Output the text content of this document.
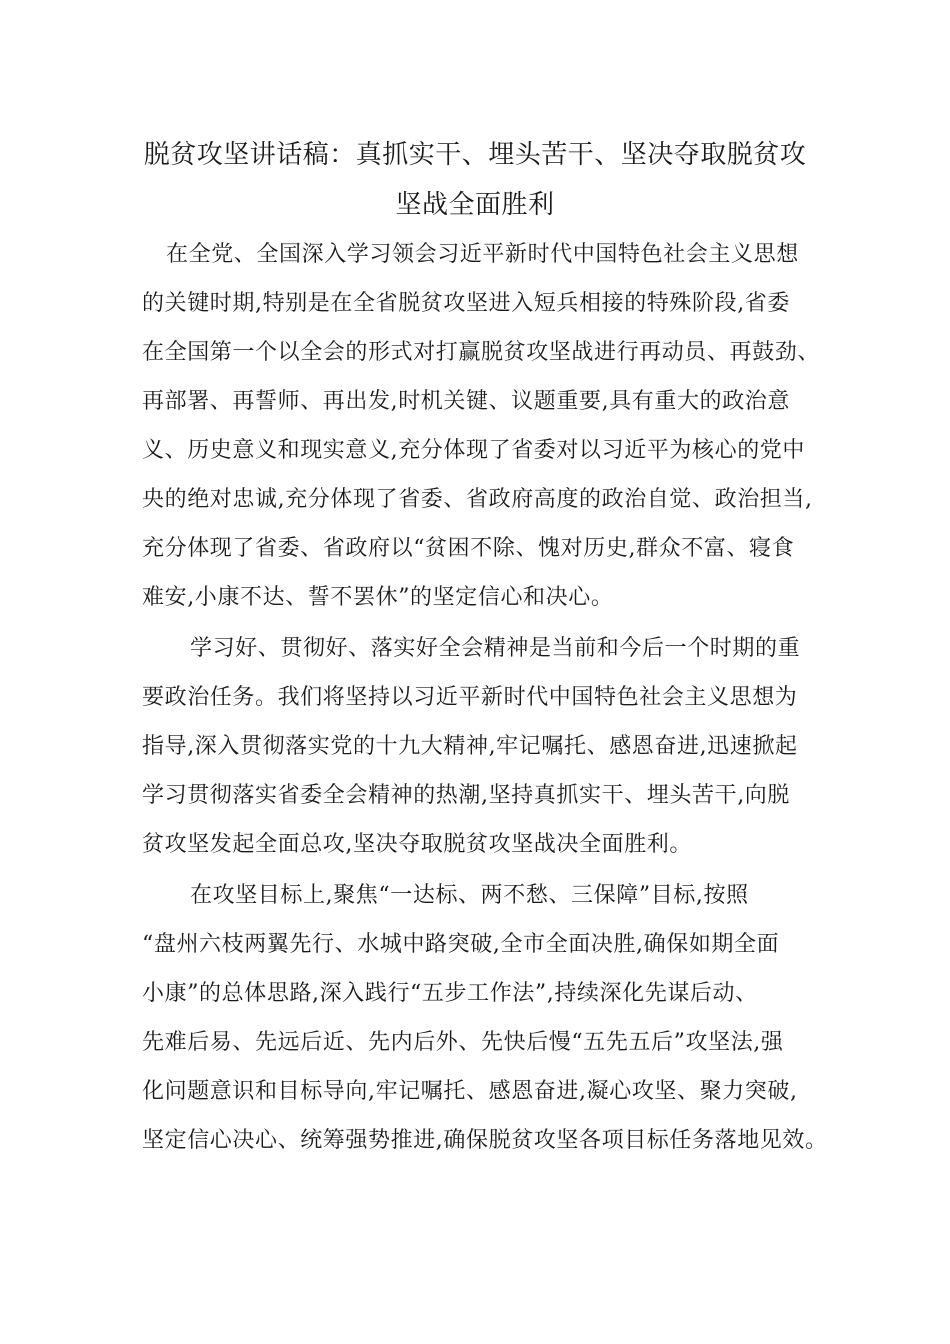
脱贫攻坚讲话稿：真抓实干、埋头苦干、坚决夺取脱贫攻
坚战全面胜利
在全党、全国深入学习领会习近平新时代中国特色社会主义思想
的关键时期,特别是在全省脱贫攻坚进入短兵相接的特殊阶段,省委
在全国第一个以全会的形式对打赢脱贫攻坚战进行再动员、再鼓劲、
再部署、再誓师、再出发,时机关键、议题重要,具有重大的政治意
义、历史意义和现实意义,充分体现了省委对以习近平为核心的党中
央的绝对忠诚,充分体现了省委、省政府高度的政治自觉、政治担当,
充分体现了省委、省政府以“贫困不除、愧对历史,群众不富、寝食
难安,小康不达、誓不罢休”的坚定信心和决心。
学习好、贯彻好、落实好全会精神是当前和今后一个时期的重
要政治任务。我们将坚持以习近平新时代中国特色社会主义思想为
指导,深入贯彻落实党的十九大精神,牢记嘱托、感恩奋进,迅速掀起
学习贯彻落实省委全会精神的热潮,坚持真抓实干、埋头苦干,向脱
贫攻坚发起全面总攻,坚决夺取脱贫攻坚战决全面胜利。
在攻坚目标上,聚焦“一达标、两不愁、三保障”目标,按照
“盘州六枝两翼先行、水城中路突破,全市全面决胜,确保如期全面
小康”的总体思路,深入践行“五步工作法”,持续深化先谋后动、
先难后易、先远后近、先内后外、先快后慢“五先五后”攻坚法,强
化问题意识和目标导向,牢记嘱托、感恩奋进,凝心攻坚、聚力突破,
坚定信心决心、统筹强势推进,确保脱贫攻坚各项目标任务落地见效。
